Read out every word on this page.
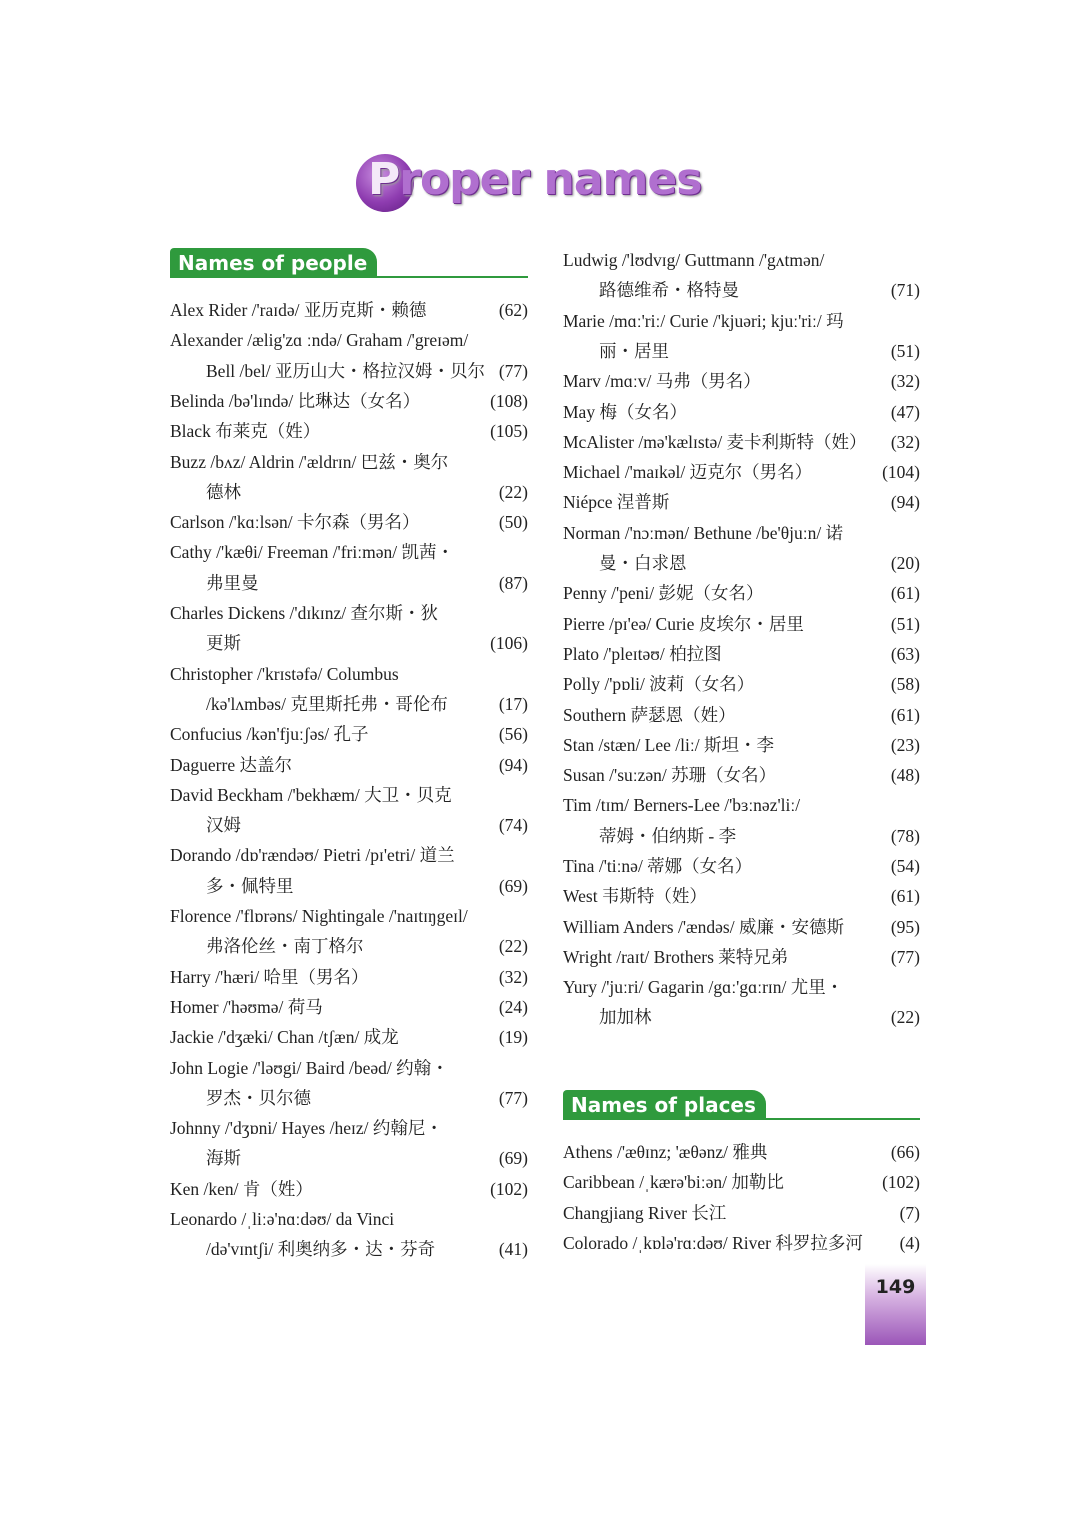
Proper names
Names of people
Alex Rider /'raɪdə/ 亚历克斯・赖德	(62)
Alexander /ælig'zɑ ːndə/ Graham /'greɪəm/
Bell /bel/ 亚历山大・格拉汉姆・贝尔 (77)
Belinda /bə'lɪndə/ 比琳达（女名）	(108)
Black 布莱克（姓）	(105)
Buzz /bʌz/ Aldrin /'ældrɪn/ 巴兹・奥尔
德林	(22)
Carlson /'kɑːlsən/ 卡尔森（男名）	(50)
Cathy /'kæθi/ Freeman /'friːmən/ 凯茜・
弗里曼	(87)
Charles Dickens /'dɪkɪnz/ 查尔斯・狄
更斯	(106)
Christopher /'krɪstəfə/ Columbus
/kə'lʌmbəs/ 克里斯托弗・哥伦布	(17)
Confucius /kən'fjuːʃəs/ 孔子	(56)
Daguerre 达盖尔	(94)
David Beckham /'bekhæm/ 大卫・贝克
汉姆	(74)
Dorando /dɒ'rændəʊ/ Pietri /pɪ'etri/ 道兰
多・佩特里	(69)
Florence /'flɒrəns/ Nightingale /'naɪtɪŋgeɪl/
弗洛伦丝・南丁格尔	(22)
Harry /'hæri/ 哈里（男名）	(32)
Homer /'həʊmə/ 荷马	(24)
Jackie /'dʒæki/ Chan /tʃæn/ 成龙	(19)
John Logie /'ləʊgi/ Baird /beəd/ 约翰・
罗杰・贝尔德	(77)
Johnny /'dʒɒni/ Hayes /heɪz/ 约翰尼・
海斯	(69)
Ken /ken/ 肯（姓）	(102)
Leonardo /ˌliːə'nɑːdəʊ/ da Vinci
/də'vɪntʃi/ 利奥纳多・达・芬奇	(41)
Ludwig /'lʊdvɪg/ Guttmann /'gʌtmən/
路德维希・格特曼	(71)
Marie /mɑː'riː/ Curie /'kjuəri; kjuː'riː/ 玛
丽・居里	(51)
Marv /mɑːv/ 马弗（男名）	(32)
May 梅（女名）	(47)
McAlister /mə'kælɪstə/ 麦卡利斯特（姓） (32)
Michael /'maɪkəl/ 迈克尔（男名）	(104)
Niépce 涅普斯	(94)
Norman /'nɔːmən/ Bethune /be'θjuːn/ 诺
曼・白求恩	(20)
Penny /'peni/ 彭妮（女名）	(61)
Pierre /pɪ'eə/ Curie 皮埃尔・居里	(51)
Plato /'pleɪtəʊ/ 柏拉图	(63)
Polly /'pɒli/ 波莉（女名）	(58)
Southern 萨瑟恩（姓）	(61)
Stan /stæn/ Lee /liː/ 斯坦・李	(23)
Susan /'suːzən/ 苏珊（女名）	(48)
Tim /tɪm/ Berners-Lee /'bɜːnəz'liː/
蒂姆・伯纳斯 - 李	(78)
Tina /'tiːnə/ 蒂娜（女名）	(54)
West 韦斯特（姓）	(61)
William Anders /'ændəs/ 威廉・安德斯	(95)
Wright /raɪt/ Brothers 莱特兄弟	(77)
Yury /'juːri/ Gagarin /gɑː'gɑːrɪn/ 尤里・
加加林	(22)
Names of places
Athens /'æθɪnz; 'æθənz/ 雅典	(66)
Caribbean /ˌkærə'biːən/ 加勒比	(102)
Changjiang River 长江	(7)
Colorado /ˌkɒlə'rɑːdəʊ/ River 科罗拉多河 (4)
149
